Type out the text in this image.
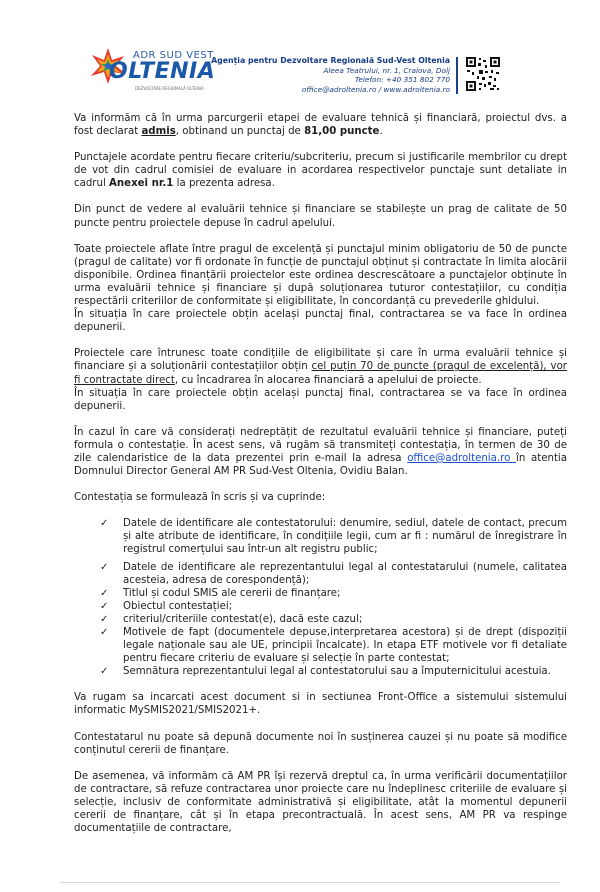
ADR SUD VEST
OLTENIA
DEZVOLTARE REGIONALĂ OLTENIA
Agenția pentru Dezvoltare Regională Sud-Vest Oltenia
Aleea Teatrului, nr. 1, Craiova, Dolj
Telefon: +40 351 802 770
office@adroltenia.ro / www.adroltenia.ro

Va informăm că în urma parcurgerii etapei de evaluare tehnică și financiară, proiectul dvs. a fost declarat admis, obtinand un punctaj de 81,00 puncte.

Punctajele acordate pentru fiecare criteriu/subcriteriu, precum si justificarile membrilor cu drept de vot din cadrul comisiei de evaluare in acordarea respectivelor punctaje sunt detaliate in cadrul Anexei nr.1 la prezenta adresa.

Din punct de vedere al evaluării tehnice și financiare se stabilește un prag de calitate de 50 puncte pentru proiectele depuse în cadrul apelului.

Toate proiectele aflate între pragul de excelență și punctajul minim obligatoriu de 50 de puncte (pragul de calitate) vor fi ordonate în funcție de punctajul obținut și contractate în limita alocării disponibile. Ordinea finanțării proiectelor este ordinea descrescătoare a punctajelor obținute în urma evaluării tehnice și financiare și după soluționarea tuturor contestațiilor, cu condiția respectării criteriilor de conformitate și eligibilitate, în concordanță cu prevederile ghidului.

În situația în care proiectele obțin același punctaj final, contractarea se va face în ordinea depunerii.

Proiectele care întrunesc toate condițiile de eligibilitate și care în urma evaluării tehnice și financiare și a soluționării contestațiilor obțin cel puțin 70 de puncte (pragul de excelență), vor fi contractate direct, cu încadrarea în alocarea financiară a apelului de proiecte.

În situația în care proiectele obțin același punctaj final, contractarea se va face în ordinea depunerii.

În cazul în care vă considerați nedreptățit de rezultatul evaluării tehnice și financiare, puteți formula o contestație. În acest sens, vă rugăm să transmiteți contestația, în termen de 30 de zile calendaristice de la data prezentei prin e-mail la adresa office@adroltenia.ro în atentia Domnului Director General AM PR Sud-Vest Oltenia, Ovidiu Balan.

Contestația se formulează în scris și va cuprinde:

✓ Datele de identificare ale contestatorului: denumire, sediul, datele de contact, precum și alte atribute de identificare, în condițiile legii, cum ar fi : numărul de înregistrare în registrul comerțului sau într-un alt registru public;
✓ Datele de identificare ale reprezentantului legal al contestatarului (numele, calitatea acesteia, adresa de corespondență);
✓ Titlul și codul SMIS ale cererii de finanțare;
✓ Obiectul contestației;
✓ criteriul/criteriile contestat(e), dacă este cazul;
✓ Motivele de fapt (documentele depuse,interpretarea acestora) și de drept (dispoziții legale naționale sau ale UE, principii încalcate). In etapa ETF motivele vor fi detaliate pentru fiecare criteriu de evaluare și selecție în parte contestat;
✓ Semnătura reprezentantului legal al contestatorului sau a împuternicitului acestuia.

Va rugam sa incarcati acest document si in sectiunea Front-Office a sistemului sistemului informatic MySMIS2021/SMIS2021+.

Contestatarul nu poate să depună documente noi în susținerea cauzei și nu poate să modifice conținutul cererii de finanțare.

De asemenea, vă informăm că AM PR își rezervă dreptul ca, în urma verificării documentațiilor de contractare, să refuze contractarea unor proiecte care nu îndeplinesc criteriile de evaluare și selecție, inclusiv de conformitate administrativă și eligibilitate, atât la momentul depunerii cererii de finanțare, cât și în etapa precontractuală. În acest sens, AM PR va respinge documentațiile de contractare,
